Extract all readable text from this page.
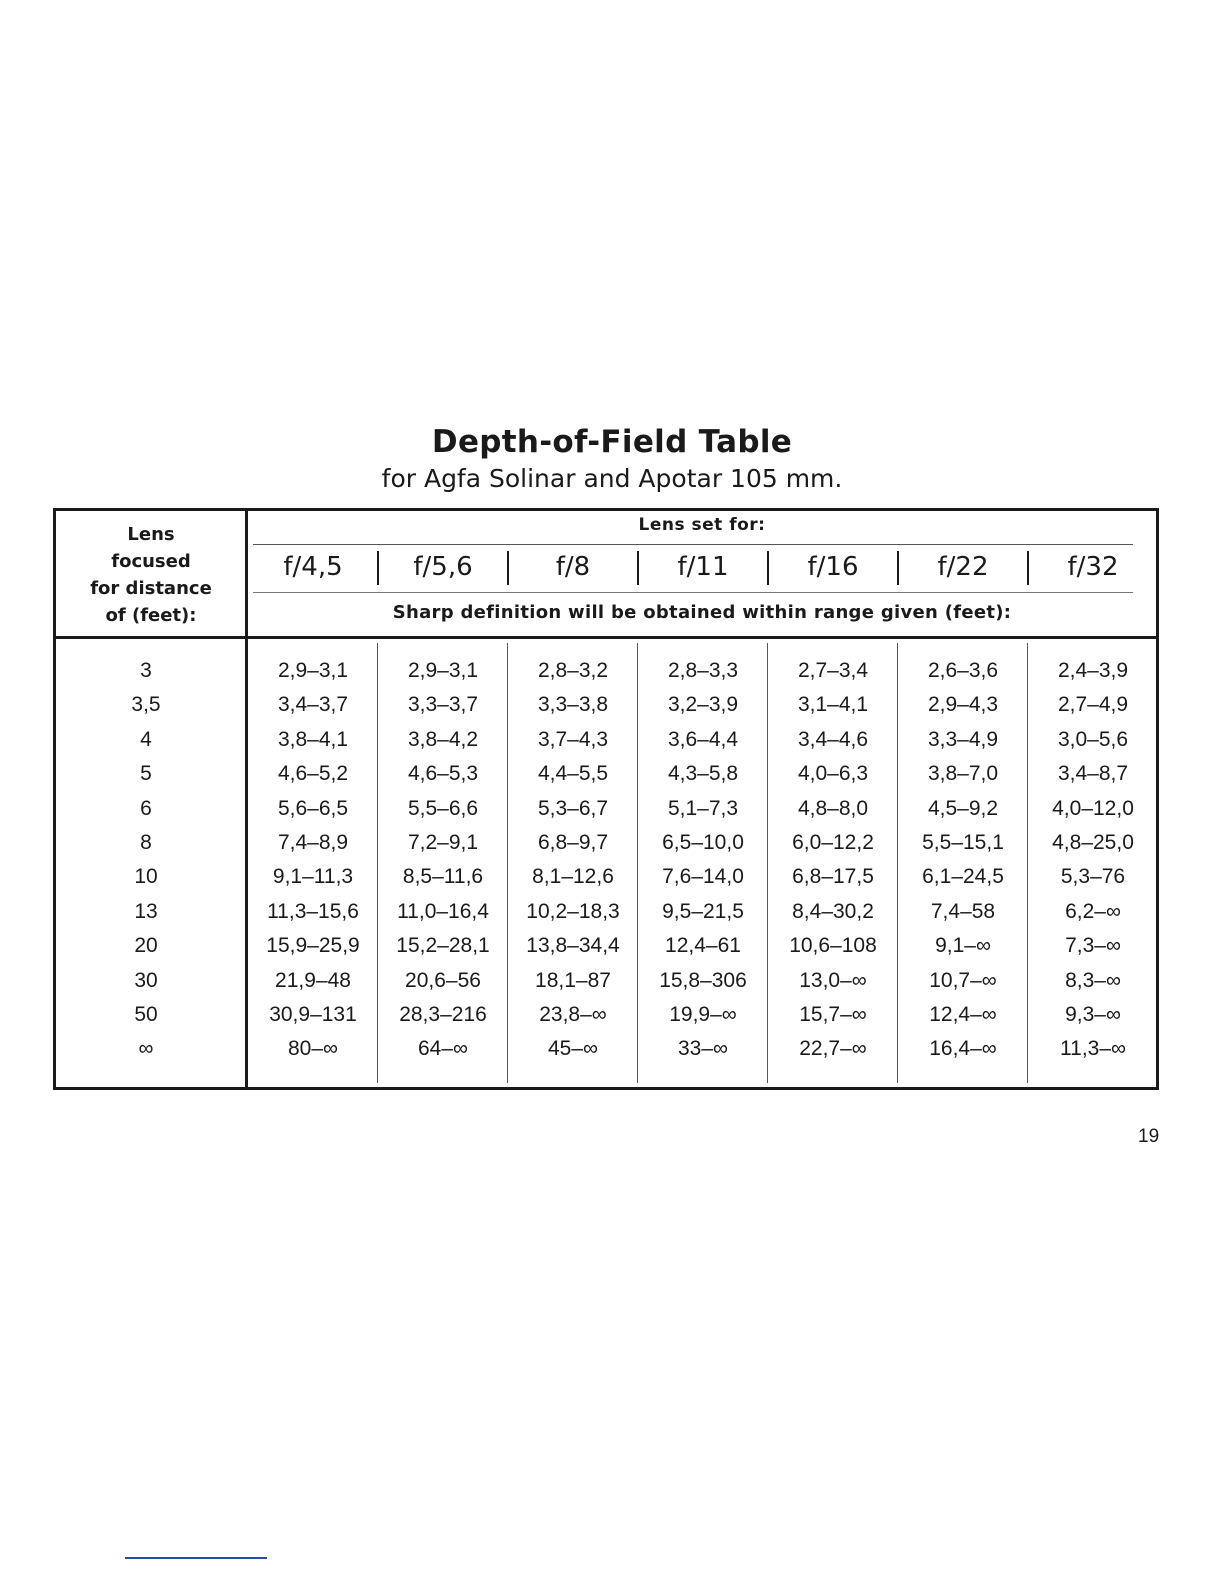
Depth-of-Field Table
for Agfa Solinar and Apotar 105 mm.
Lens
focused
for distance
of (feet):
Lens set for:
f/4,5	f/5,6	f/8	f/11	f/16	f/22	f/32
Sharp definition will be obtained within range given (feet):
3	2,9–3,1	2,9–3,1	2,8–3,2	2,8–3,3	2,7–3,4	2,6–3,6	2,4–3,9
3,5	3,4–3,7	3,3–3,7	3,3–3,8	3,2–3,9	3,1–4,1	2,9–4,3	2,7–4,9
4	3,8–4,1	3,8–4,2	3,7–4,3	3,6–4,4	3,4–4,6	3,3–4,9	3,0–5,6
5	4,6–5,2	4,6–5,3	4,4–5,5	4,3–5,8	4,0–6,3	3,8–7,0	3,4–8,7
6	5,6–6,5	5,5–6,6	5,3–6,7	5,1–7,3	4,8–8,0	4,5–9,2	4,0–12,0
8	7,4–8,9	7,2–9,1	6,8–9,7	6,5–10,0	6,0–12,2	5,5–15,1	4,8–25,0
10	9,1–11,3	8,5–11,6	8,1–12,6	7,6–14,0	6,8–17,5	6,1–24,5	5,3–76
13	11,3–15,6	11,0–16,4	10,2–18,3	9,5–21,5	8,4–30,2	7,4–58	6,2–∞
20	15,9–25,9	15,2–28,1	13,8–34,4	12,4–61	10,6–108	9,1–∞	7,3–∞
30	21,9–48	20,6–56	18,1–87	15,8–306	13,0–∞	10,7–∞	8,3–∞
50	30,9–131	28,3–216	23,8–∞	19,9–∞	15,7–∞	12,4–∞	9,3–∞
∞	80–∞	64–∞	45–∞	33–∞	22,7–∞	16,4–∞	11,3–∞
19
